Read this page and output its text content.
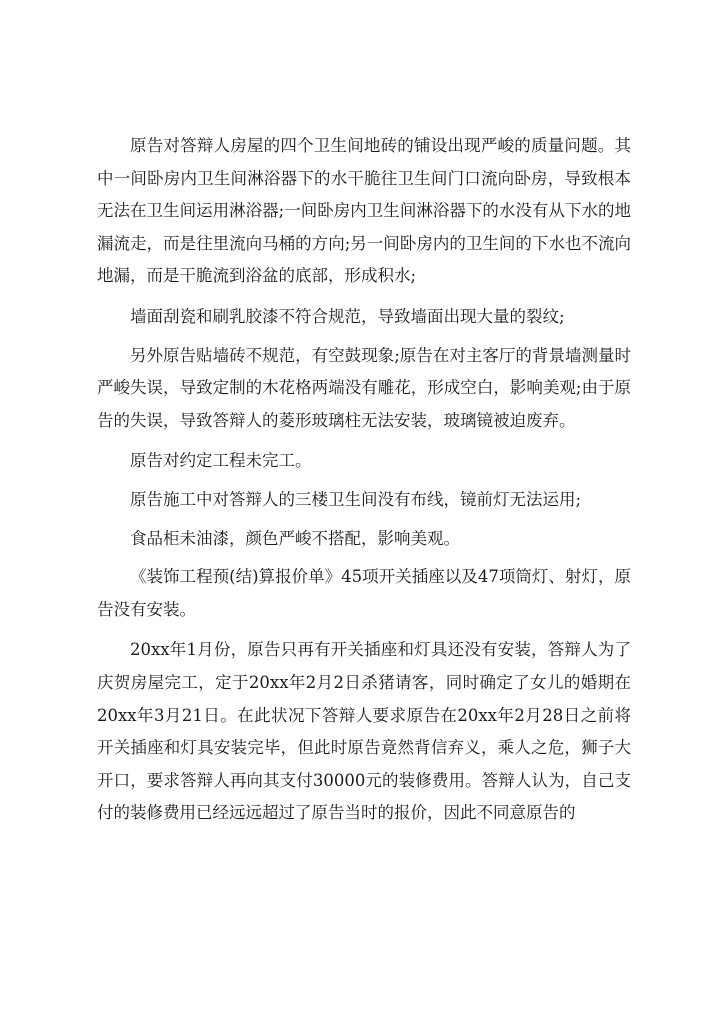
原告对答辩人房屋的四个卫生间地砖的铺设出现严峻的质量问题。其中一间卧房内卫生间淋浴器下的水干脆往卫生间门口流向卧房，导致根本无法在卫生间运用淋浴器;一间卧房内卫生间淋浴器下的水没有从下水的地漏流走，而是往里流向马桶的方向;另一间卧房内的卫生间的下水也不流向地漏，而是干脆流到浴盆的底部，形成积水;

墙面刮瓷和刷乳胶漆不符合规范，导致墙面出现大量的裂纹;

另外原告贴墙砖不规范，有空鼓现象;原告在对主客厅的背景墙测量时严峻失误，导致定制的木花格两端没有雕花，形成空白，影响美观;由于原告的失误，导致答辩人的菱形玻璃柱无法安装，玻璃镜被迫废弃。

原告对约定工程未完工。

原告施工中对答辩人的三楼卫生间没有布线，镜前灯无法运用;

食品柜未油漆，颜色严峻不搭配，影响美观。

《装饰工程预(结)算报价单》45项开关插座以及47项筒灯、射灯，原告没有安装。

20xx年1月份，原告只再有开关插座和灯具还没有安装，答辩人为了庆贺房屋完工，定于20xx年2月2日杀猪请客，同时确定了女儿的婚期在20xx年3月21日。在此状况下答辩人要求原告在20xx年2月28日之前将开关插座和灯具安装完毕，但此时原告竟然背信弃义，乘人之危，狮子大开口，要求答辩人再向其支付30000元的装修费用。答辩人认为，自己支付的装修费用已经远远超过了原告当时的报价，因此不同意原告的
